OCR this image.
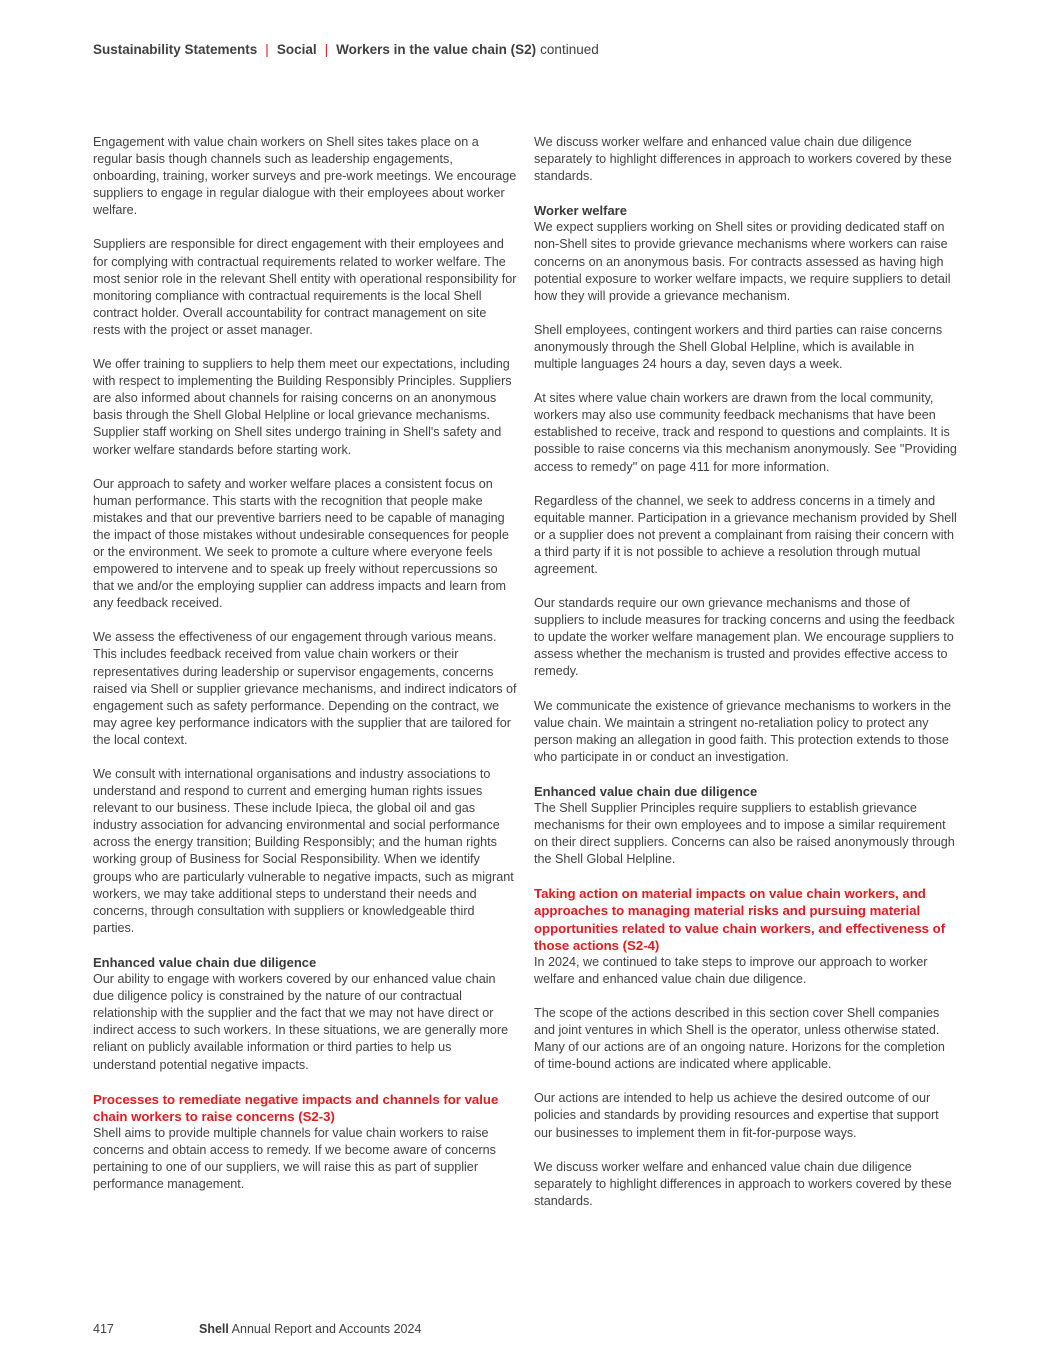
Sustainability Statements | Social | Workers in the value chain (S2) continued

Engagement with value chain workers on Shell sites takes place on a regular basis though channels such as leadership engagements, onboarding, training, worker surveys and pre-work meetings. We encourage suppliers to engage in regular dialogue with their employees about worker welfare.

Suppliers are responsible for direct engagement with their employees and for complying with contractual requirements related to worker welfare. The most senior role in the relevant Shell entity with operational responsibility for monitoring compliance with contractual requirements is the local Shell contract holder. Overall accountability for contract management on site rests with the project or asset manager.

We offer training to suppliers to help them meet our expectations, including with respect to implementing the Building Responsibly Principles. Suppliers are also informed about channels for raising concerns on an anonymous basis through the Shell Global Helpline or local grievance mechanisms. Supplier staff working on Shell sites undergo training in Shell's safety and worker welfare standards before starting work.

Our approach to safety and worker welfare places a consistent focus on human performance. This starts with the recognition that people make mistakes and that our preventive barriers need to be capable of managing the impact of those mistakes without undesirable consequences for people or the environment. We seek to promote a culture where everyone feels empowered to intervene and to speak up freely without repercussions so that we and/or the employing supplier can address impacts and learn from any feedback received.

We assess the effectiveness of our engagement through various means. This includes feedback received from value chain workers or their representatives during leadership or supervisor engagements, concerns raised via Shell or supplier grievance mechanisms, and indirect indicators of engagement such as safety performance. Depending on the contract, we may agree key performance indicators with the supplier that are tailored for the local context.

We consult with international organisations and industry associations to understand and respond to current and emerging human rights issues relevant to our business. These include Ipieca, the global oil and gas industry association for advancing environmental and social performance across the energy transition; Building Responsibly; and the human rights working group of Business for Social Responsibility. When we identify groups who are particularly vulnerable to negative impacts, such as migrant workers, we may take additional steps to understand their needs and concerns, through consultation with suppliers or knowledgeable third parties.

Enhanced value chain due diligence

Our ability to engage with workers covered by our enhanced value chain due diligence policy is constrained by the nature of our contractual relationship with the supplier and the fact that we may not have direct or indirect access to such workers. In these situations, we are generally more reliant on publicly available information or third parties to help us understand potential negative impacts.

Processes to remediate negative impacts and channels for value chain workers to raise concerns (S2-3)

Shell aims to provide multiple channels for value chain workers to raise concerns and obtain access to remedy. If we become aware of concerns pertaining to one of our suppliers, we will raise this as part of supplier performance management.

We discuss worker welfare and enhanced value chain due diligence separately to highlight differences in approach to workers covered by these standards.

Worker welfare

We expect suppliers working on Shell sites or providing dedicated staff on non-Shell sites to provide grievance mechanisms where workers can raise concerns on an anonymous basis. For contracts assessed as having high potential exposure to worker welfare impacts, we require suppliers to detail how they will provide a grievance mechanism.

Shell employees, contingent workers and third parties can raise concerns anonymously through the Shell Global Helpline, which is available in multiple languages 24 hours a day, seven days a week.

At sites where value chain workers are drawn from the local community, workers may also use community feedback mechanisms that have been established to receive, track and respond to questions and complaints. It is possible to raise concerns via this mechanism anonymously. See "Providing access to remedy" on page 411 for more information.

Regardless of the channel, we seek to address concerns in a timely and equitable manner. Participation in a grievance mechanism provided by Shell or a supplier does not prevent a complainant from raising their concern with a third party if it is not possible to achieve a resolution through mutual agreement.

Our standards require our own grievance mechanisms and those of suppliers to include measures for tracking concerns and using the feedback to update the worker welfare management plan. We encourage suppliers to assess whether the mechanism is trusted and provides effective access to remedy.

We communicate the existence of grievance mechanisms to workers in the value chain. We maintain a stringent no-retaliation policy to protect any person making an allegation in good faith. This protection extends to those who participate in or conduct an investigation.

Enhanced value chain due diligence

The Shell Supplier Principles require suppliers to establish grievance mechanisms for their own employees and to impose a similar requirement on their direct suppliers. Concerns can also be raised anonymously through the Shell Global Helpline.

Taking action on material impacts on value chain workers, and approaches to managing material risks and pursuing material opportunities related to value chain workers, and effectiveness of those actions (S2-4)

In 2024, we continued to take steps to improve our approach to worker welfare and enhanced value chain due diligence.

The scope of the actions described in this section cover Shell companies and joint ventures in which Shell is the operator, unless otherwise stated. Many of our actions are of an ongoing nature. Horizons for the completion of time-bound actions are indicated where applicable.

Our actions are intended to help us achieve the desired outcome of our policies and standards by providing resources and expertise that support our businesses to implement them in fit-for-purpose ways.

We discuss worker welfare and enhanced value chain due diligence separately to highlight differences in approach to workers covered by these standards.

417	Shell Annual Report and Accounts 2024
